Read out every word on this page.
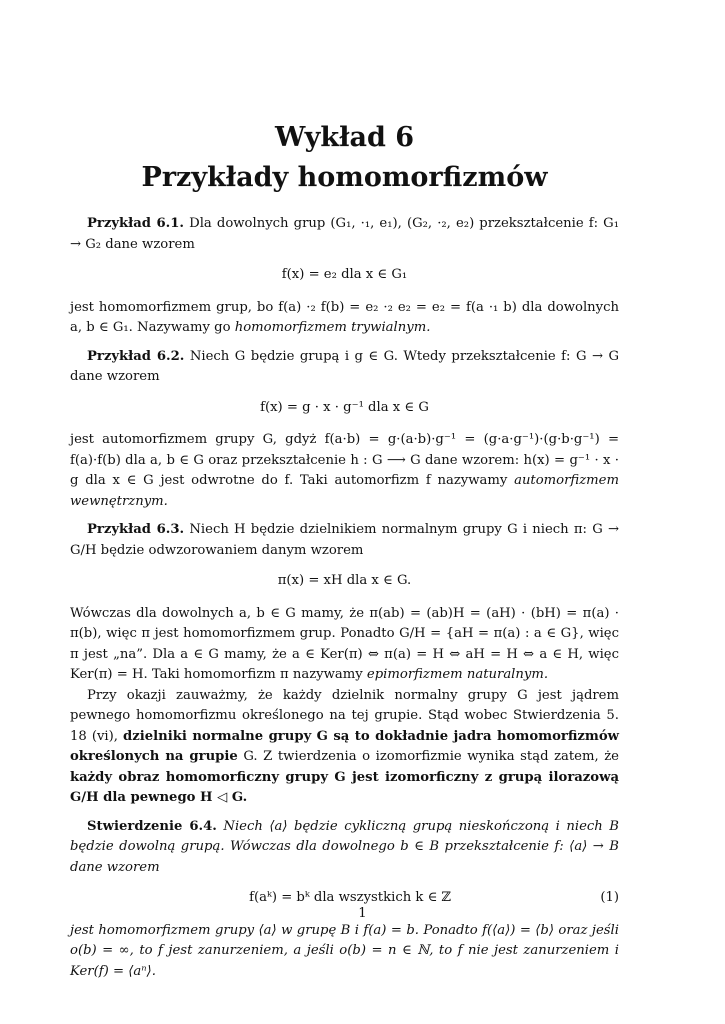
Wykład 6
Przykłady homomorfizmów

Przykład 6.1. Dla dowolnych grup (G₁, ·₁, e₁), (G₂, ·₂, e₂) przekształcenie f: G₁ → G₂ dane wzorem

f(x) = e₂ dla x ∈ G₁

jest homomorfizmem grup, bo f(a) ·₂ f(b) = e₂ ·₂ e₂ = e₂ = f(a ·₁ b) dla dowolnych a, b ∈ G₁. Nazywamy go homomorfizmem trywialnym.

Przykład 6.2. Niech G będzie grupą i g ∈ G. Wtedy przekształcenie f: G → G dane wzorem

f(x) = g · x · g⁻¹ dla x ∈ G

jest automorfizmem grupy G, gdyż f(a·b) = g·(a·b)·g⁻¹ = (g·a·g⁻¹)·(g·b·g⁻¹) = f(a)·f(b) dla a, b ∈ G oraz przekształcenie h : G ⟶ G dane wzorem: h(x) = g⁻¹ · x · g dla x ∈ G jest odwrotne do f. Taki automorfizm f nazywamy automorfizmem wewnętrznym.

Przykład 6.3. Niech H będzie dzielnikiem normalnym grupy G i niech π: G → G/H będzie odwzorowaniem danym wzorem

π(x) = xH dla x ∈ G.

Wówczas dla dowolnych a, b ∈ G mamy, że π(ab) = (ab)H = (aH) · (bH) = π(a) · π(b), więc π jest homomorfizmem grup. Ponadto G/H = {aH = π(a) : a ∈ G}, więc π jest „na”. Dla a ∈ G mamy, że a ∈ Ker(π) ⇔ π(a) = H ⇔ aH = H ⇔ a ∈ H, więc Ker(π) = H. Taki homomorfizm π nazywamy epimorfizmem naturalnym.

Przy okazji zauważmy, że każdy dzielnik normalny grupy G jest jądrem pewnego homomorfizmu określonego na tej grupie. Stąd wobec Stwierdzenia 5. 18 (vi), dzielniki normalne grupy G są to dokładnie jadra homomorfizmów określonych na grupie G. Z twierdzenia o izomorfizmie wynika stąd zatem, że każdy obraz homomorficzny grupy G jest izomorficzny z grupą ilorazową G/H dla pewnego H ◁ G.

Stwierdzenie 6.4. Niech ⟨a⟩ będzie cykliczną grupą nieskończoną i niech B będzie dowolną grupą. Wówczas dla dowolnego b ∈ B przekształcenie f: ⟨a⟩ → B dane wzorem

f(aᵏ) = bᵏ dla wszystkich k ∈ ℤ	(1)

jest homomorfizmem grupy ⟨a⟩ w grupę B i f(a) = b. Ponadto f(⟨a⟩) = ⟨b⟩ oraz jeśli o(b) = ∞, to f jest zanurzeniem, a jeśli o(b) = n ∈ ℕ, to f nie jest zanurzeniem i Ker(f) = ⟨aⁿ⟩.

1
